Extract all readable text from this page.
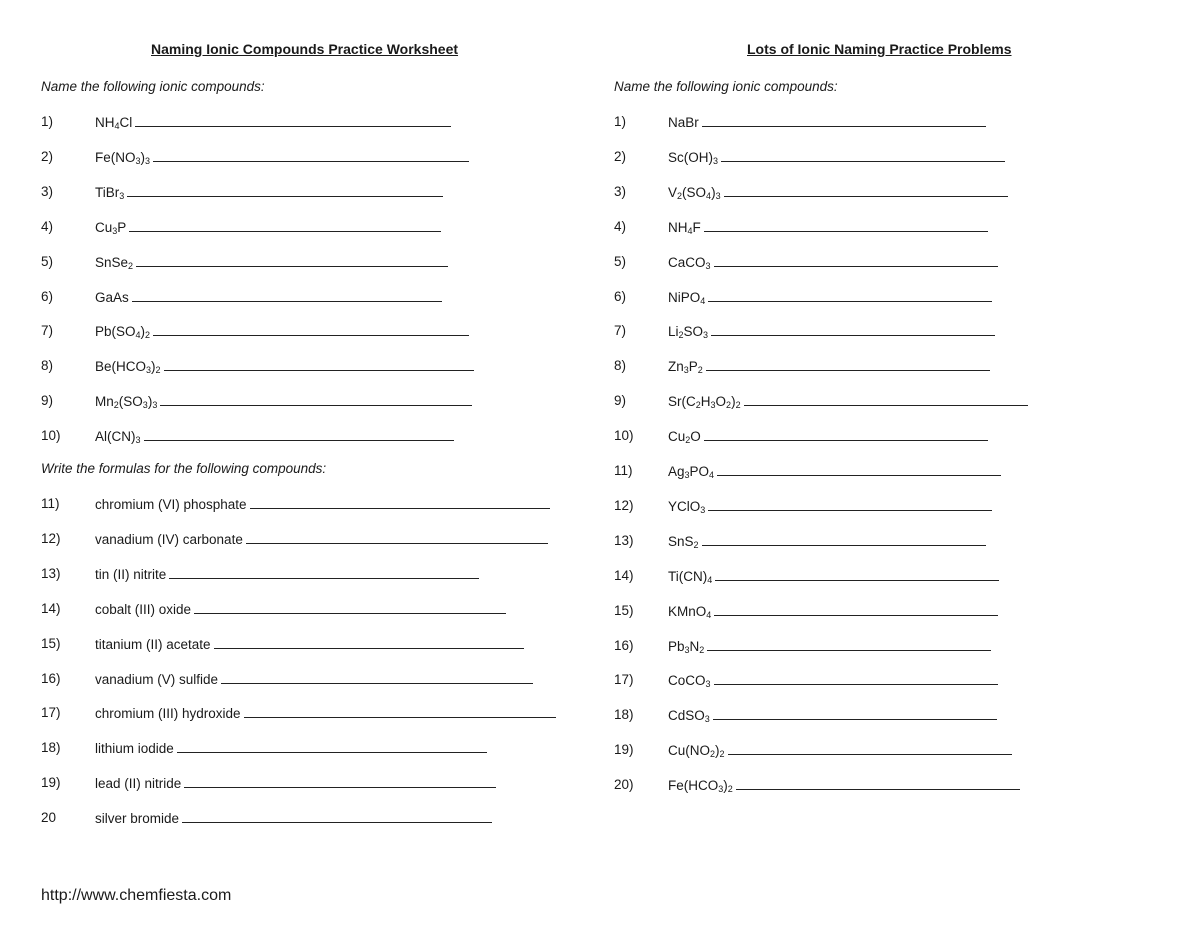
Naming Ionic Compounds Practice Worksheet	Lots of Ionic Naming Practice Problems
Name the following ionic compounds:
Write the formulas for the following compounds:
Name the following ionic compounds:
1)	$NH_4Cl$
2)	$Fe(NO_3)_3$
3)	TiBr$_3$
4)	$Cu_3P$
5)	SnSe$_2$
6)	GaAs
7)	$Pb(SO_4)_2$
8)	$Be(HCO_3)_2$
9)	$Mn_2(SO_3)_3$
10)	$Al(CN)_3$
11)	chromium (VI) phosphate
12)	vanadium (IV) carbonate
13)	tin (II) nitrite
14)	cobalt (III) oxide
15)	titanium (II) acetate
16)	vanadium (V) sulfide
17)	chromium (III) hydroxide
18)	lithium iodide
19)	lead (II) nitride
20	silver bromide
1)	NaBr
2)	$Sc(OH)_3$
3)	$V_2(SO_4)_3$
4)	$NH_4F$
5)	CaCO$_3$
6)	NiPO$_4$
7)	$Li_2SO_3$
8)	$Zn_3P_2$
9)	$Sr(C_2H_3O_2)_2$
10)	$Cu_2O$
11)	$Ag_3PO_4$
12)	YClO$_3$
13)	SnS$_2$
14)	$Ti(CN)_4$
15)	KMnO$_4$
16)	$Pb_3N_2$
17)	CoCO$_3$
18)	CdSO$_3$
19)	$Cu(NO_2)_2$
20)	$Fe(HCO_3)_2$
http://www.chemfiesta.com
